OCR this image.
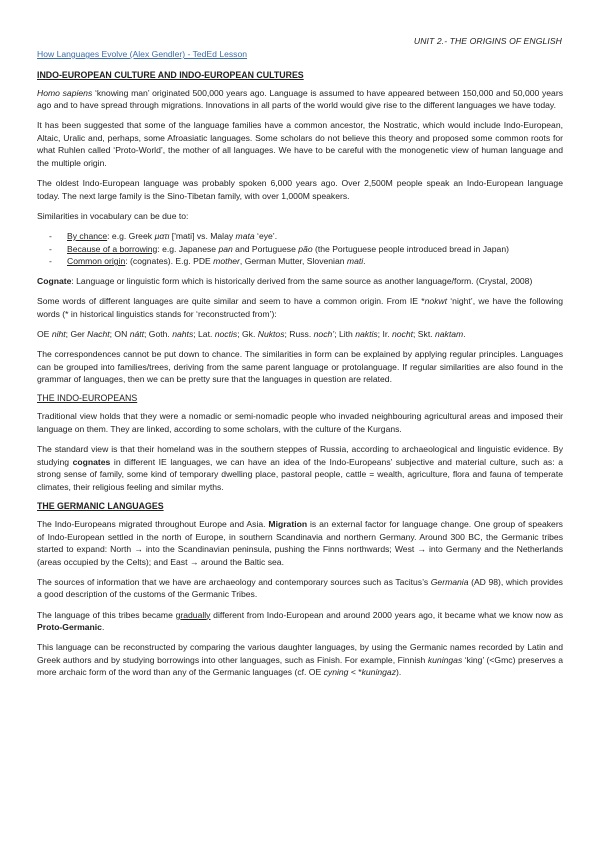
UNIT 2.- THE ORIGINS OF ENGLISH
How Languages Evolve (Alex Gendler) - TedEd Lesson
INDO-EUROPEAN CULTURE AND INDO-EUROPEAN CULTURES

Homo sapiens ‘knowing man’ originated 500,000 years ago. Language is assumed to have appeared between 150,000 and 50,000 years ago and to have spread through migrations. Innovations in all parts of the world would give rise to the different languages we have today.

It has been suggested that some of the language families have a common ancestor, the Nostratic, which would include Indo-European, Altaic, Uralic and, perhaps, some Afroasiatic languages. Some scholars do not believe this theory and proposed some common roots for what Ruhlen called ‘Proto-World’, the mother of all languages. We have to be careful with the monogenetic view of human language and the multiple origin.

The oldest Indo-European language was probably spoken 6,000 years ago. Over 2,500M people speak an Indo-European language today. The next large family is the Sino-Tibetan family, with over 1,000M speakers.

Similarities in vocabulary can be due to:

- By chance: e.g. Greek µατι ['mati] vs. Malay mata ‘eye’.
- Because of a borrowing: e.g. Japanese pan and Portuguese pão (the Portuguese people introduced bread in Japan)
- Common origin: (cognates). E.g. PDE mother, German Mutter, Slovenian mati.

Cognate: Language or linguistic form which is historically derived from the same source as another language/form. (Crystal, 2008)

Some words of different languages are quite similar and seem to have a common origin. From IE *nokwt ‘night’, we have the following words (* in historical linguistics stands for ‘reconstructed from’):

OE niht; Ger Nacht; ON nátt; Goth. nahts; Lat. noctis; Gk. Nuktos; Russ. noch’; Lith naktis; Ir. nocht; Skt. naktam.

The correspondences cannot be put down to chance. The similarities in form can be explained by applying regular principles. Languages can be grouped into families/trees, deriving from the same parent language or protolanguage. If regular similarities are also found in the grammar of languages, then we can be pretty sure that the languages in question are related.

THE INDO-EUROPEANS

Traditional view holds that they were a nomadic or semi-nomadic people who invaded neighbouring agricultural areas and imposed their language on them. They are linked, according to some scholars, with the culture of the Kurgans.

The standard view is that their homeland was in the southern steppes of Russia, according to archaeological and linguistic evidence. By studying cognates in different IE languages, we can have an idea of the Indo-Europeans’ subjective and material culture, such as: a strong sense of family, some kind of temporary dwelling place, pastoral people, cattle = wealth, agriculture, flora and fauna of temperate climates, their religious feeling and similar myths.

THE GERMANIC LANGUAGES

The Indo-Europeans migrated throughout Europe and Asia. Migration is an external factor for language change. One group of speakers of Indo-European settled in the north of Europe, in southern Scandinavia and northern Germany. Around 300 BC, the Germanic tribes started to expand: North → into the Scandinavian peninsula, pushing the Finns northwards; West → into Germany and the Netherlands (areas occupied by the Celts); and East → around the Baltic sea.

The sources of information that we have are archaeology and contemporary sources such as Tacitus’s Germania (AD 98), which provides a good description of the customs of the Germanic Tribes.

The language of this tribes became gradually different from Indo-European and around 2000 years ago, it became what we know now as Proto-Germanic.

This language can be reconstructed by comparing the various daughter languages, by using the Germanic names recorded by Latin and Greek authors and by studying borrowings into other languages, such as Finish. For example, Finnish kuningas ‘king’ (<Gmc) preserves a more archaic form of the word than any of the Germanic languages (cf. OE cyning < *kuningaz).
